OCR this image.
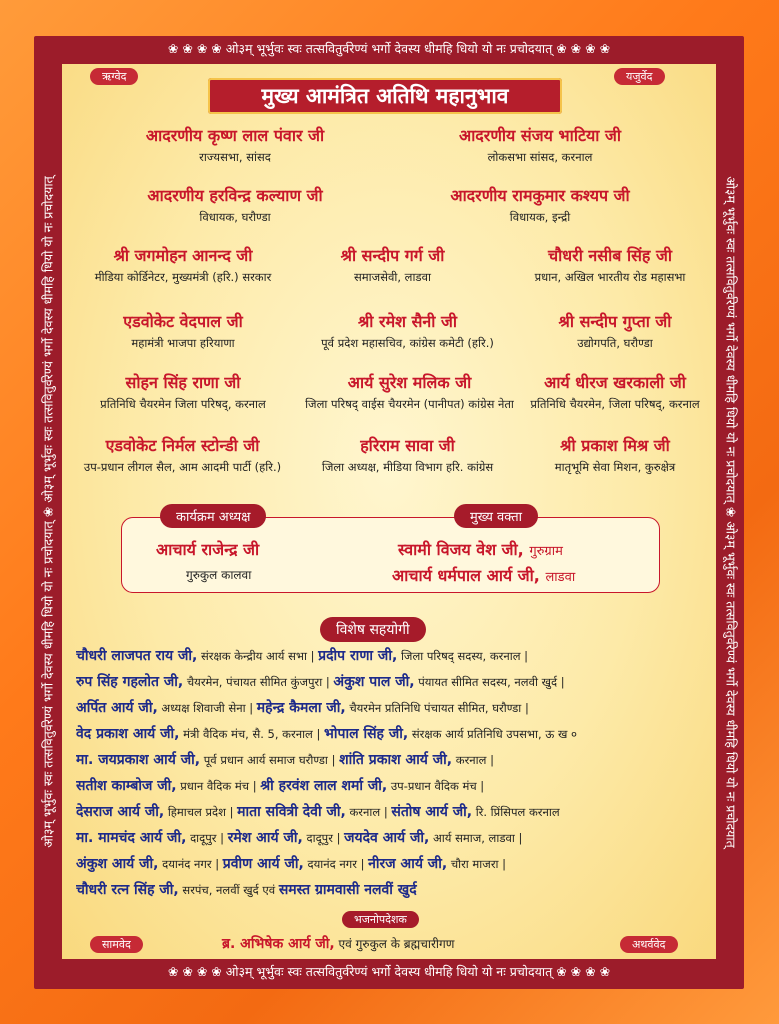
❀ ❀ ❀ ❀ ओ३म् भूर्भुवः स्वः तत्सवितुर्वरेण्यं भर्गो देवस्य धीमहि धियो यो नः प्रचोदयात् ❀ ❀ ❀ ❀
❀ ❀ ❀ ❀ ओ३म् भूर्भुवः स्वः तत्सवितुर्वरेण्यं भर्गो देवस्य धीमहि धियो यो नः प्रचोदयात् ❀ ❀ ❀ ❀
ओ३म् भूर्भुवः स्वः तत्सवितुर्वरेण्यं भर्गो देवस्य धीमहि धियो यो नः प्रचोदयात् ❀ ओ३म् भूर्भुवः स्वः तत्सवितुर्वरेण्यं भर्गो देवस्य धीमहि धियो यो नः प्रचोदयात्	ओ३म् भूर्भुवः स्वः तत्सवितुर्वरेण्यं भर्गो देवस्य धीमहि धियो यो नः प्रचोदयात् ❀ ओ३म् भूर्भुवः स्वः तत्सवितुर्वरेण्यं भर्गो देवस्य धीमहि धियो यो नः प्रचोदयात्
ऋग्वेद	यजुर्वेद
सामवेद	अथर्ववेद
मुख्य आमंत्रित अतिथि महानुभाव
आदरणीय कृष्ण लाल पंवार जी
राज्यसभा, सांसद
आदरणीय संजय भाटिया जी
लोकसभा सांसद, करनाल
आदरणीय हरविन्द्र कल्याण जी
विधायक, घरौण्डा
आदरणीय रामकुमार कश्यप जी
विधायक, इन्द्री
श्री जगमोहन आनन्द जी
मीडिया कोर्डिनेटर, मुख्यमंत्री (हरि.) सरकार
श्री सन्दीप गर्ग जी
समाजसेवी, लाडवा
चौधरी नसीब सिंह जी
प्रधान, अखिल भारतीय रोड महासभा
एडवोकेट वेदपाल जी
महामंत्री भाजपा हरियाणा
श्री रमेश सैनी जी
पूर्व प्रदेश महासचिव, कांग्रेस कमेटी (हरि.)
श्री सन्दीप गुप्ता जी
उद्योगपति, घरौण्डा
सोहन सिंह राणा जी
प्रतिनिधि चैयरमेन जिला परिषद्, करनाल
आर्य सुरेश मलिक जी
जिला परिषद् वाईस चैयरमेन (पानीपत) कांग्रेस नेता
आर्य धीरज खरकाली जी
प्रतिनिधि चैयरमेन, जिला परिषद्, करनाल
एडवोकेट निर्मल स्टोन्डी जी
उप-प्रधान लीगल सैल, आम आदमी पार्टी (हरि.)
हरिराम सावा जी
जिला अध्यक्ष, मीडिया विभाग हरि. कांग्रेस
श्री प्रकाश मिश्र जी
मातृभूमि सेवा मिशन, कुरुक्षेत्र
कार्यक्रम अध्यक्ष	मुख्य वक्ता
आचार्य राजेन्द्र जी
गुरुकुल कालवा
स्वामी विजय वेश जी, गुरुग्राम
आचार्य धर्मपाल आर्य जी, लाडवा
विशेष सहयोगी
चौधरी लाजपत राय जी, संरक्षक केन्द्रीय आर्य सभा | प्रदीप राणा जी, जिला परिषद् सदस्य, करनाल |
रुप सिंह गहलोत जी, चैयरमेन, पंचायत सीमित कुंजपुरा | अंकुश पाल जी, पंयायत सीमित सदस्य, नलवी खुर्द |
अर्पित आर्य जी, अध्यक्ष शिवाजी सेना | महेन्द्र कैमला जी, चैयरमेन प्रतिनिधि पंचायत सीमित, घरौण्डा |
वेद प्रकाश आर्य जी, मंत्री वैदिक मंच, सै. 5, करनाल | भोपाल सिंह जी, संरक्षक आर्य प्रतिनिधि उपसभा, ऊ ख ०
मा. जयप्रकाश आर्य जी, पूर्व प्रधान आर्य समाज घरौण्डा | शांति प्रकाश आर्य जी, करनाल |
सतीश काम्बोज जी, प्रधान वैदिक मंच | श्री हरवंश लाल शर्मा जी, उप-प्रधान वैदिक मंच |
देसराज आर्य जी, हिमाचल प्रदेश | माता सवित्री देवी जी, करनाल | संतोष आर्य जी, रि. प्रिंसिपल करनाल
मा. मामचंद आर्य जी, दादूपुर | रमेश आर्य जी, दादूपुर | जयदेव आर्य जी, आर्य समाज, लाडवा |
अंकुश आर्य जी, दयानंद नगर | प्रवीण आर्य जी, दयानंद नगर | नीरज आर्य जी, चौरा माजरा |
चौधरी रत्न सिंह जी, सरपंच, नलवीं खुर्द एवं समस्त ग्रामवासी नलवीं खुर्द
भजनोपदेशक
ब्र. अभिषेक आर्य जी, एवं गुरुकुल के ब्रह्मचारीगण
